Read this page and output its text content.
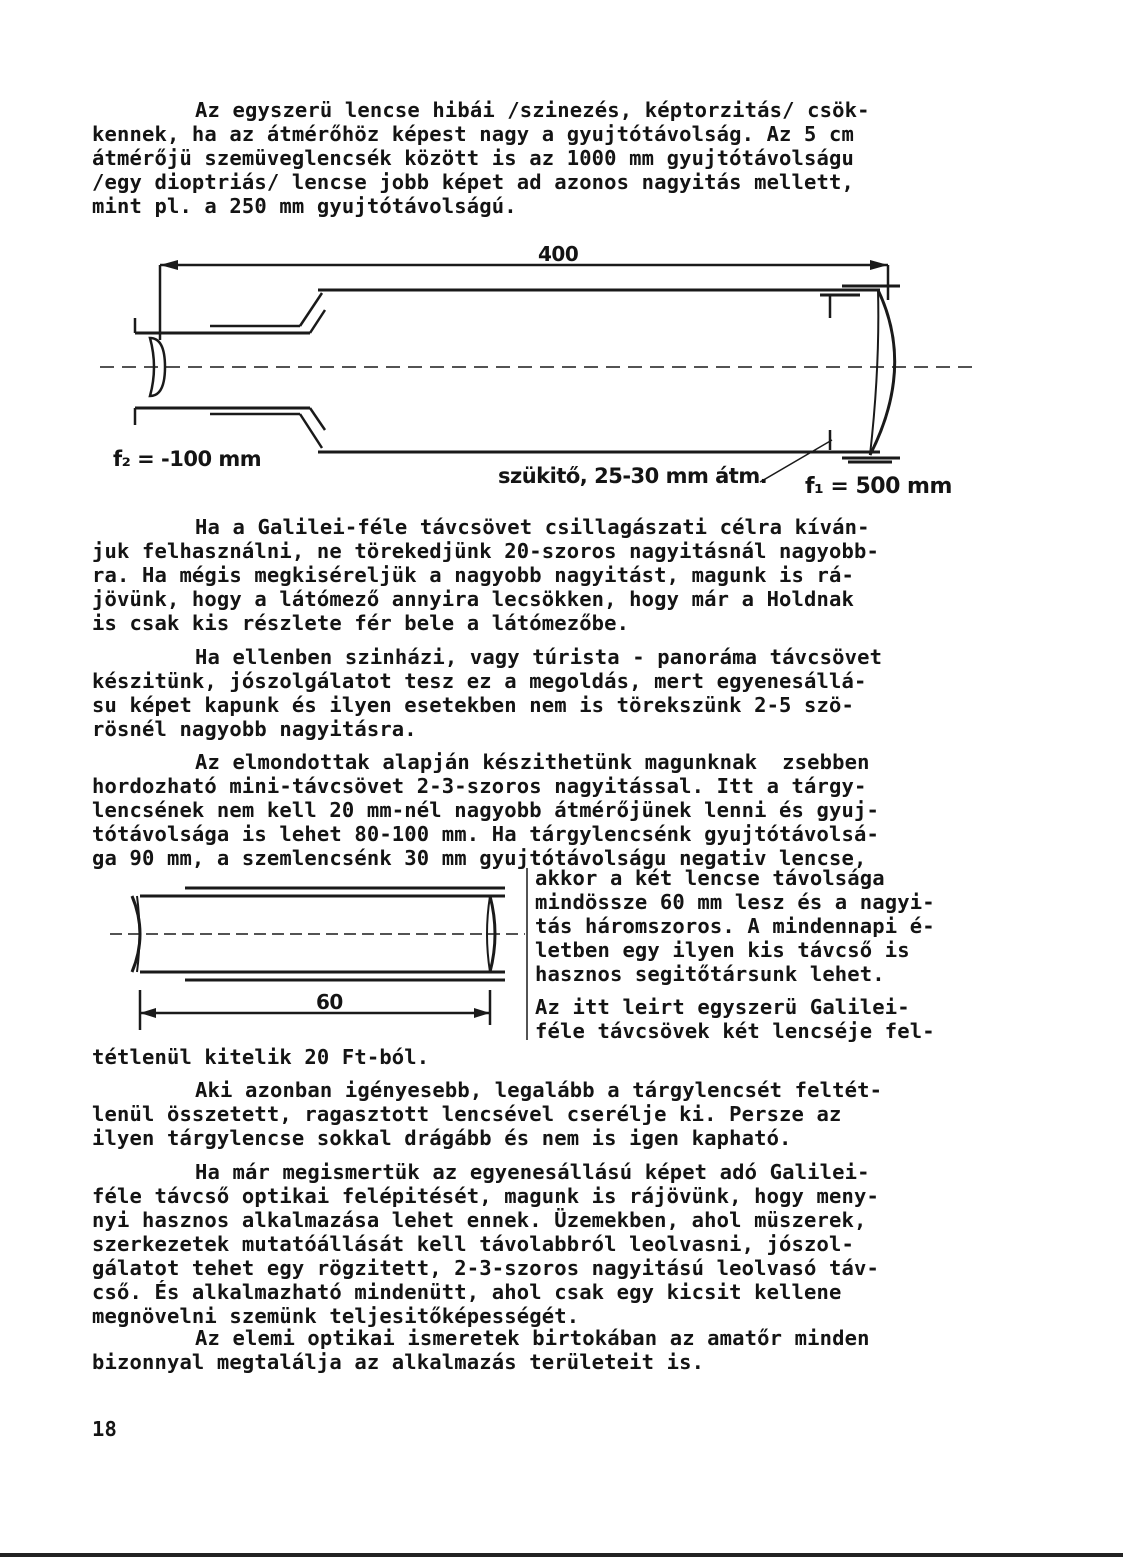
Az egyszerü lencse hibái /szinezés, képtorzitás/ csök-
kennek, ha az átmérőhöz képest nagy a gyujtótávolság. Az 5 cm
átmérőjü szemüveglencsék között is az 1000 mm gyujtótávolságu
/egy dioptriás/ lencse jobb képet ad azonos nagyitás mellett,
mint pl. a 250 mm gyujtótávolságú.
400
f₂ = -100 mm
szükitő, 25-30 mm átm. f₁ = 500 mm
Ha a Galilei-féle távcsövet csillagászati célra kíván-
juk felhasználni, ne törekedjünk 20-szoros nagyitásnál nagyobb-
ra. Ha mégis megkiséreljük a nagyobb nagyitást, magunk is rá-
jövünk, hogy a látómező annyira lecsökken, hogy már a Holdnak
is csak kis részlete fér bele a látómezőbe.
Ha ellenben szinházi, vagy túrista - panoráma távcsövet
készitünk, jószolgálatot tesz ez a megoldás, mert egyenesállá-
su képet kapunk és ilyen esetekben nem is törekszünk 2-5 szö-
rösnél nagyobb nagyitásra.
Az elmondottak alapján készithetünk magunknak  zsebben
hordozható mini-távcsövet 2-3-szoros nagyitással. Itt a tárgy-
lencsének nem kell 20 mm-nél nagyobb átmérőjünek lenni és gyuj-
tótávolsága is lehet 80-100 mm. Ha tárgylencsénk gyujtótávolsá-
ga 90 mm, a szemlencsénk 30 mm gyujtótávolságu negativ lencse,
akkor a két lencse távolsága
mindössze 60 mm lesz és a nagyi-
tás háromszoros. A mindennapi é-
letben egy ilyen kis távcső is
hasznos segitőtársunk lehet.
Az itt leirt egyszerü Galilei-
féle távcsövek két lencséje fel-
tétlenül kitelik 20 Ft-ból.
60
Aki azonban igényesebb, legalább a tárgylencsét feltét-
lenül összetett, ragasztott lencsével cserélje ki. Persze az
ilyen tárgylencse sokkal drágább és nem is igen kapható.
Ha már megismertük az egyenesállású képet adó Galilei-
féle távcső optikai felépitését, magunk is rájövünk, hogy meny-
nyi hasznos alkalmazása lehet ennek. Üzemekben, ahol müszerek,
szerkezetek mutatóállását kell távolabbról leolvasni, jószol-
gálatot tehet egy rögzitett, 2-3-szoros nagyitású leolvasó táv-
cső. És alkalmazható mindenütt, ahol csak egy kicsit kellene
megnövelni szemünk teljesitőképességét.
Az elemi optikai ismeretek birtokában az amatőr minden
bizonnyal megtalálja az alkalmazás területeit is.
18
